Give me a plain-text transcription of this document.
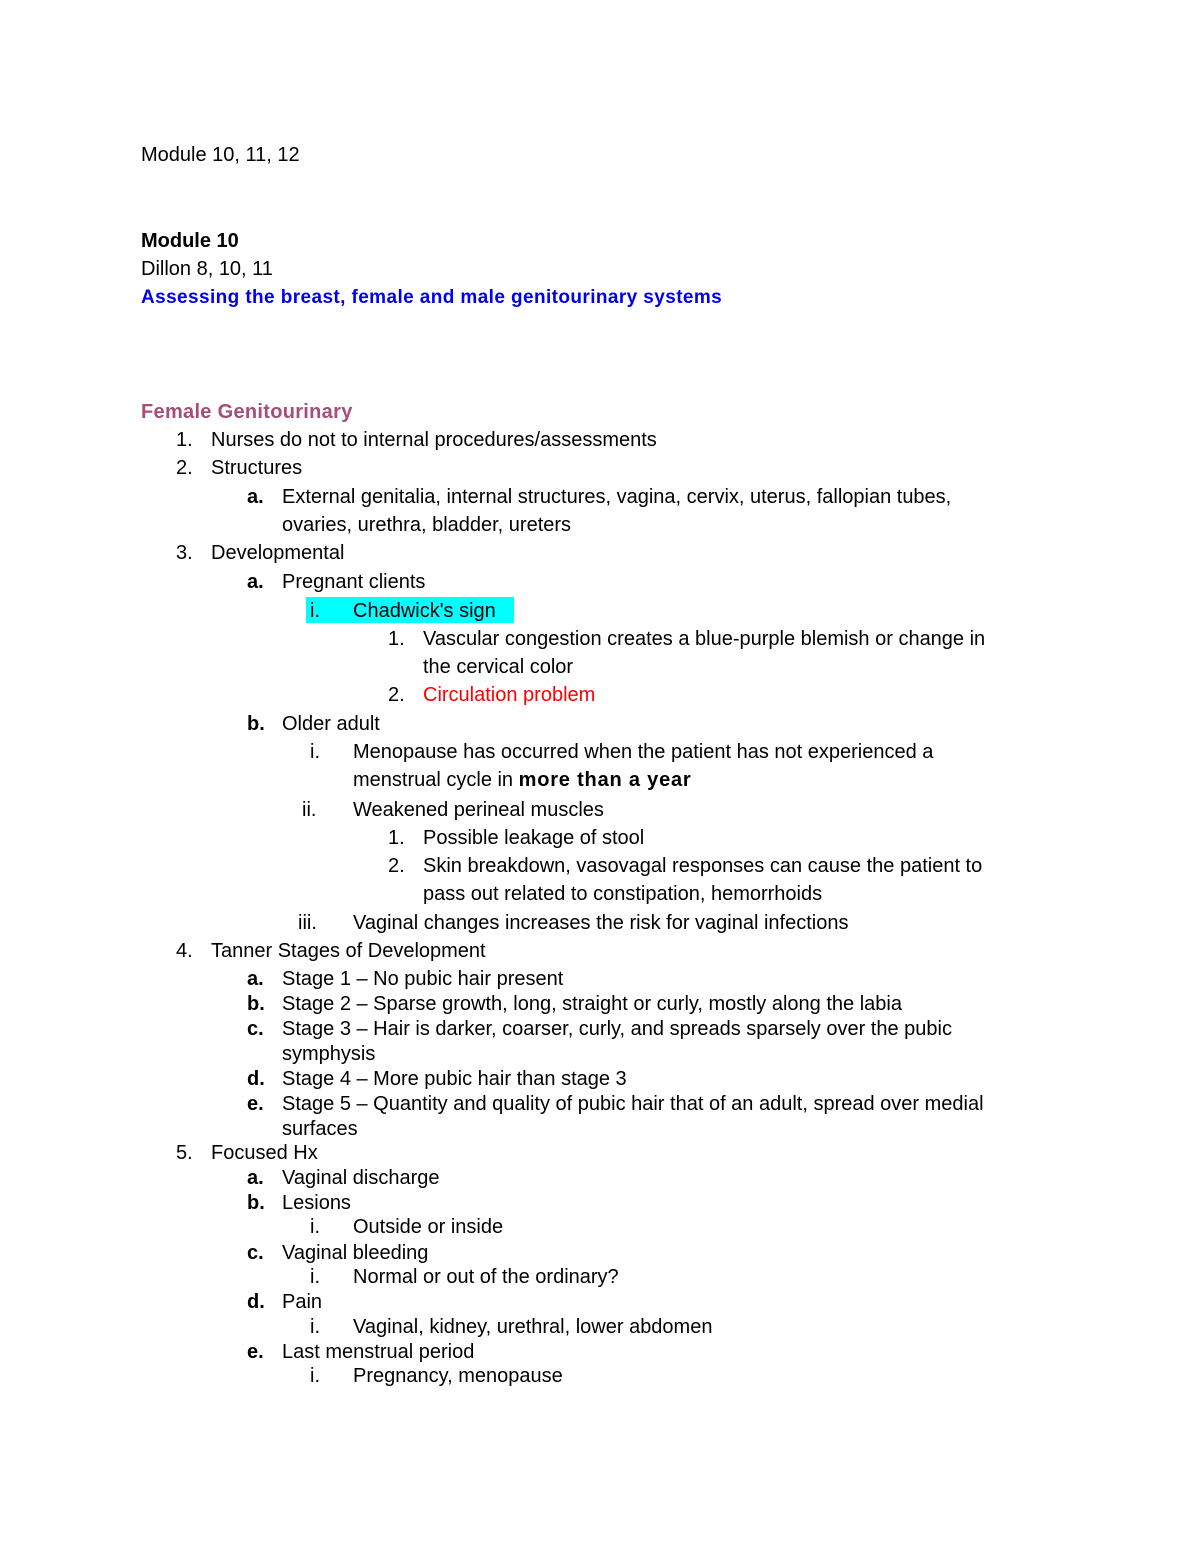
Module 10, 11, 12
Module 10
Dillon 8, 10, 11
Assessing the breast, female and male genitourinary systems
Female Genitourinary
1. Nurses do not to internal procedures/assessments
2. Structures
a. External genitalia, internal structures, vagina, cervix, uterus, fallopian tubes,
ovaries, urethra, bladder, ureters
3. Developmental
a. Pregnant clients
i. Chadwick's sign
1. Vascular congestion creates a blue-purple blemish or change in
the cervical color
2. Circulation problem
b. Older adult
i. Menopause has occurred when the patient has not experienced a
menstrual cycle in more than a year
ii. Weakened perineal muscles
1. Possible leakage of stool
2. Skin breakdown, vasovagal responses can cause the patient to
pass out related to constipation, hemorrhoids
iii. Vaginal changes increases the risk for vaginal infections
4. Tanner Stages of Development
a. Stage 1 – No pubic hair present
b. Stage 2 – Sparse growth, long, straight or curly, mostly along the labia
c. Stage 3 – Hair is darker, coarser, curly, and spreads sparsely over the pubic
symphysis
d. Stage 4 – More pubic hair than stage 3
e. Stage 5 – Quantity and quality of pubic hair that of an adult, spread over medial
surfaces
5. Focused Hx
a. Vaginal discharge
b. Lesions
i. Outside or inside
c. Vaginal bleeding
i. Normal or out of the ordinary?
d. Pain
i. Vaginal, kidney, urethral, lower abdomen
e. Last menstrual period
i. Pregnancy, menopause
